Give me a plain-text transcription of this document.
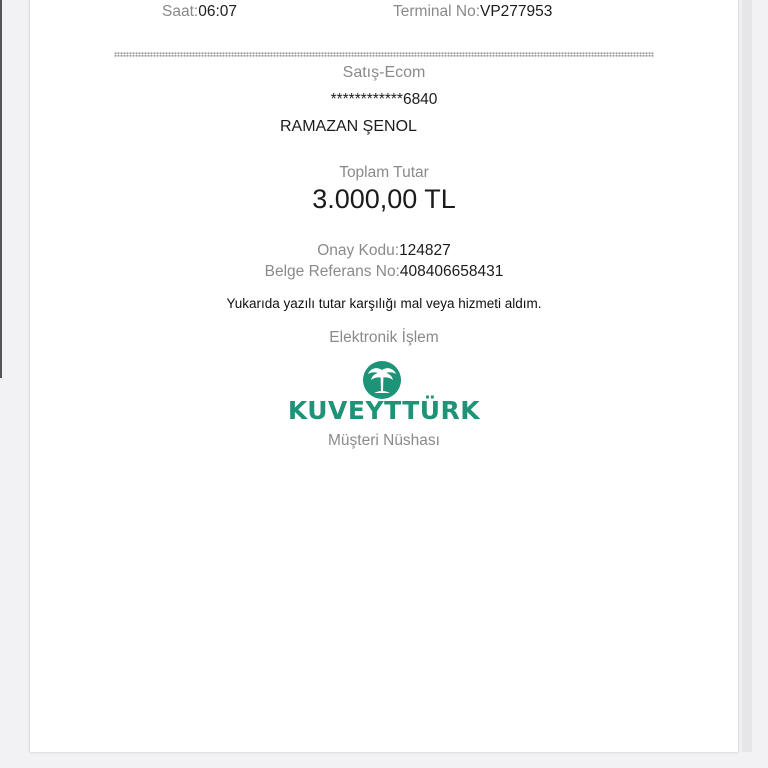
Saat:06:07	Terminal No:VP277953
Satış-Ecom
************6840
RAMAZAN ŞENOL
Toplam Tutar
3.000,00 TL
Onay Kodu:124827
Belge Referans No:408406658431
Yukarıda yazılı tutar karşılığı mal veya hizmeti aldım.
Elektronik İşlem
KUVEYTTÜRK
Müşteri Nüshası
